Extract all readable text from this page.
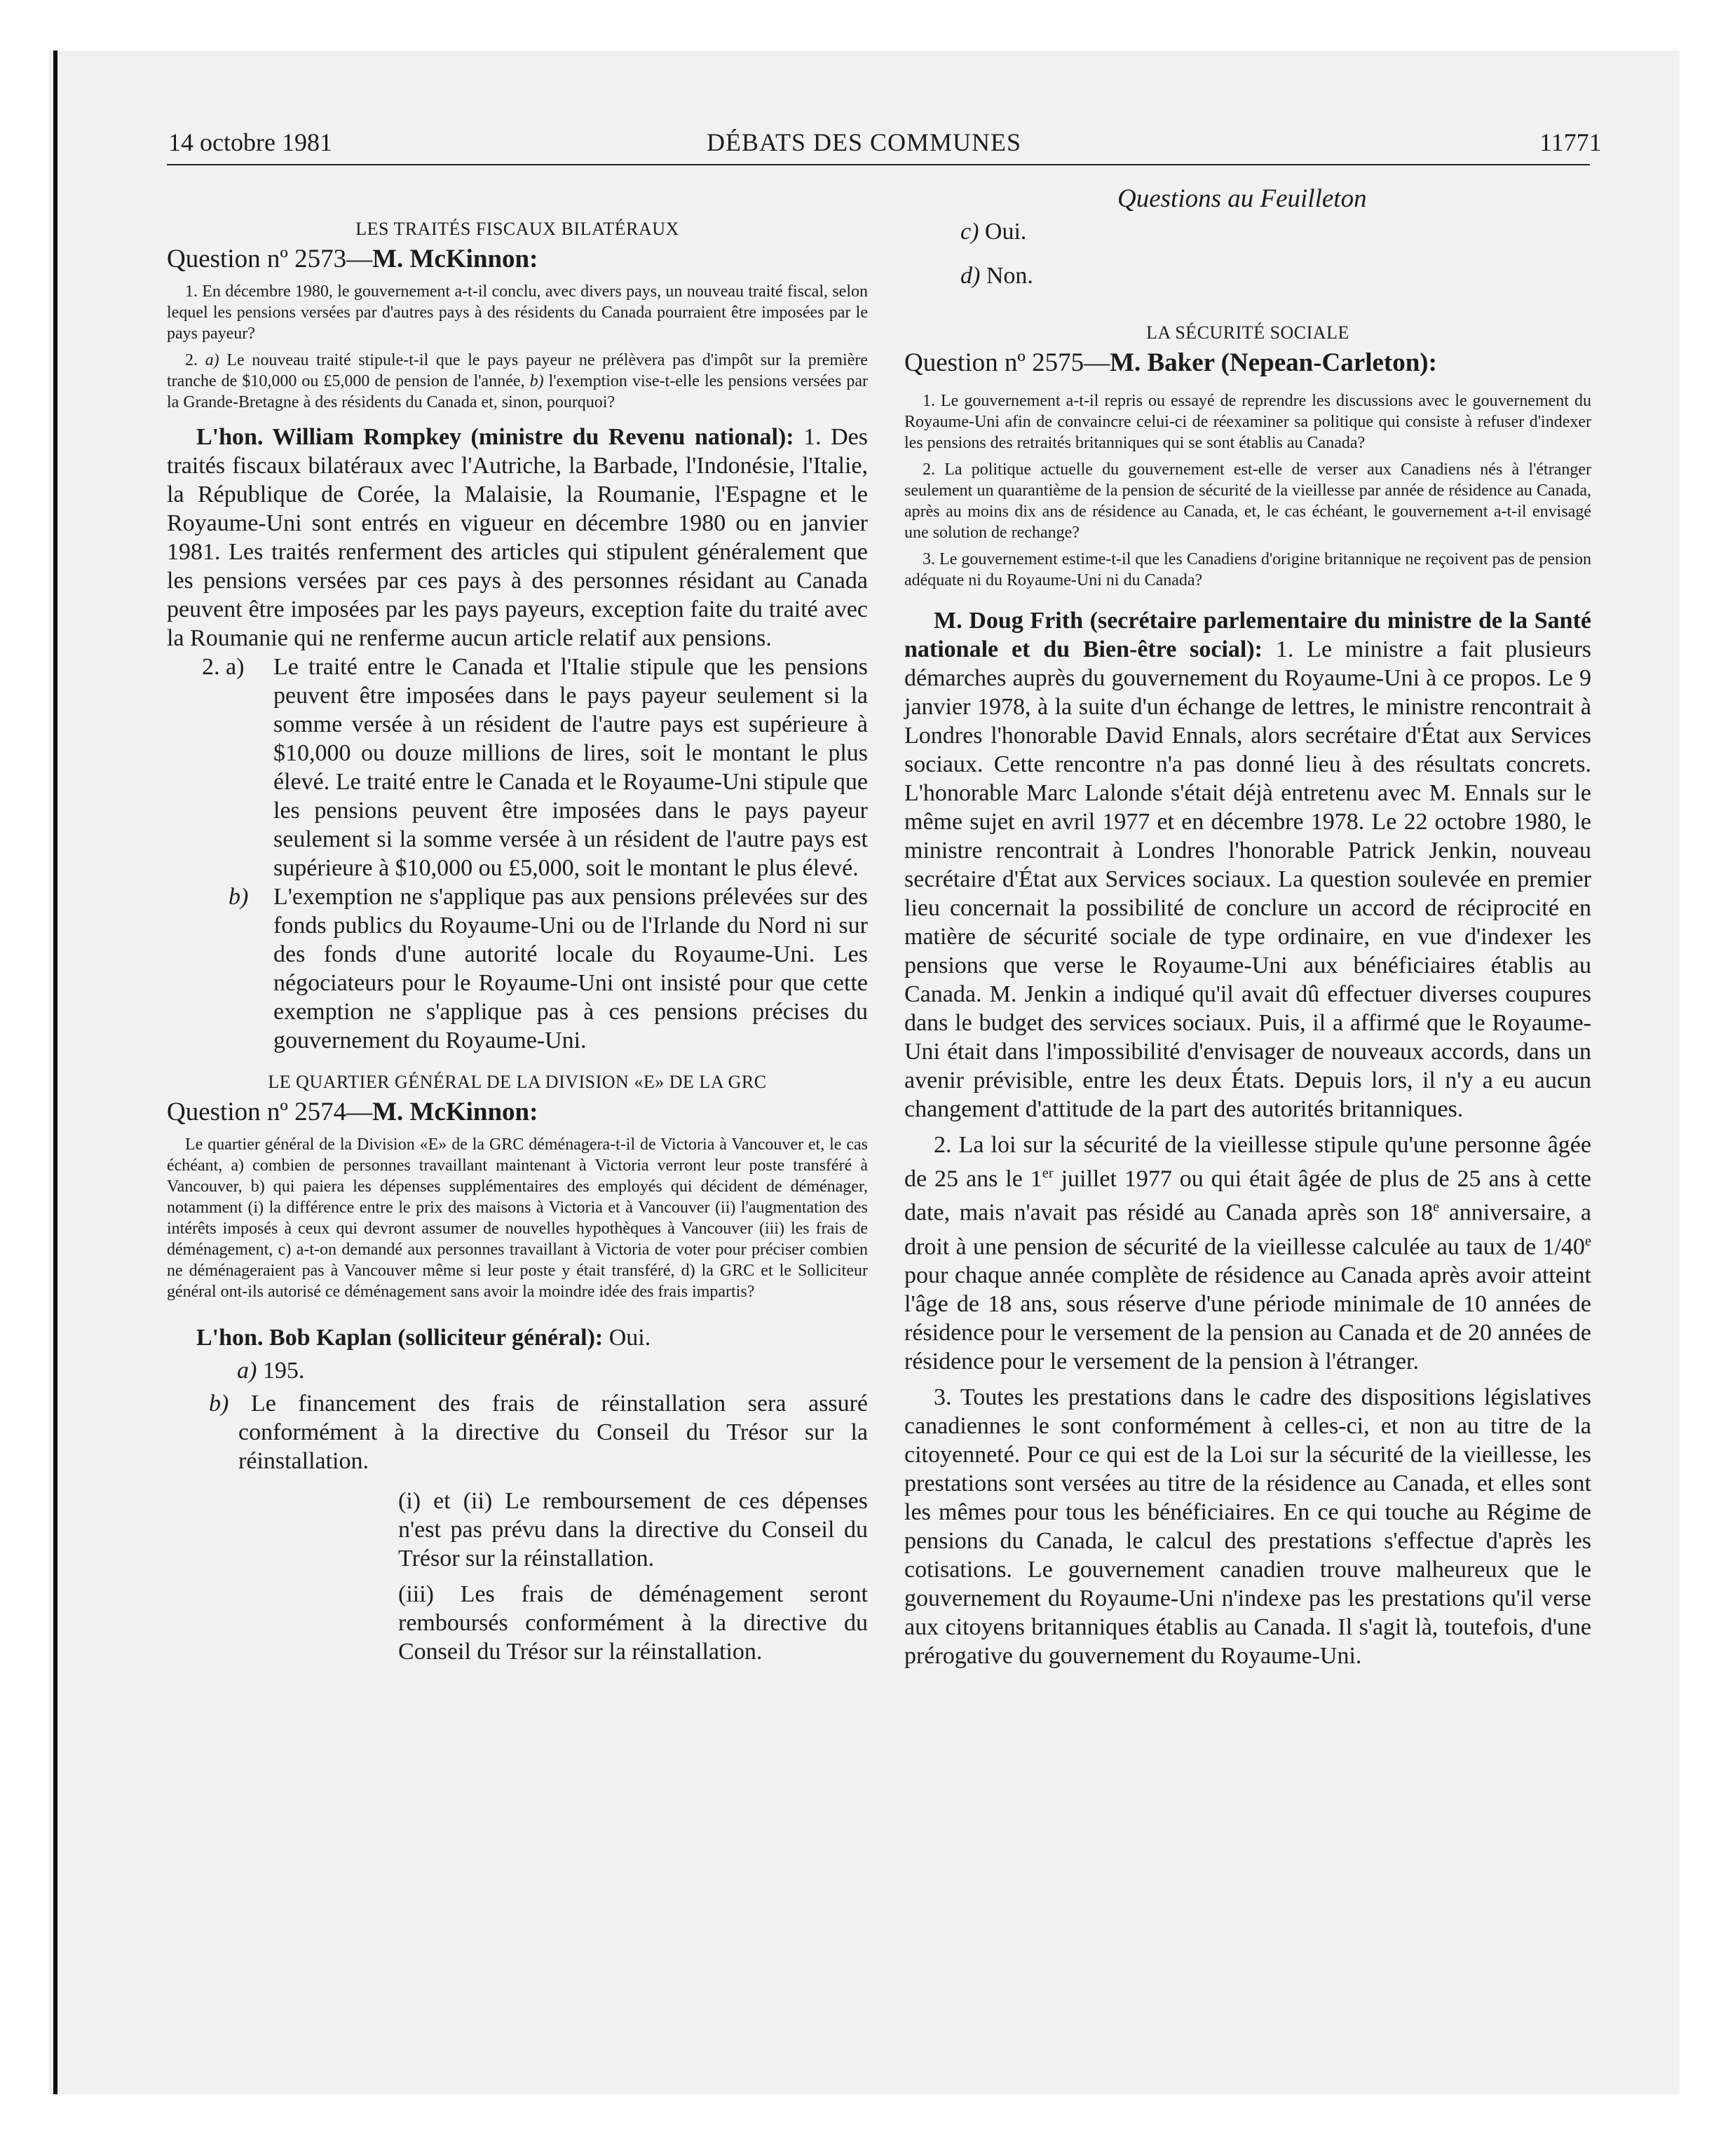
14 octobre 1981	DÉBATS DES COMMUNES	11771
Questions au Feuilleton

LES TRAITÉS FISCAUX BILATÉRAUX

Question nº 2573—M. McKinnon:

1. En décembre 1980, le gouvernement a-t-il conclu, avec divers pays, un nouveau traité fiscal, selon lequel les pensions versées par d'autres pays à des résidents du Canada pourraient être imposées par le pays payeur?

2. a) Le nouveau traité stipule-t-il que le pays payeur ne prélèvera pas d'impôt sur la première tranche de $10,000 ou £5,000 de pension de l'année, b) l'exemption vise-t-elle les pensions versées par la Grande-Bretagne à des résidents du Canada et, sinon, pourquoi?

L'hon. William Rompkey (ministre du Revenu national): 1. Des traités fiscaux bilatéraux avec l'Autriche, la Barbade, l'Indonésie, l'Italie, la République de Corée, la Malaisie, la Roumanie, l'Espagne et le Royaume-Uni sont entrés en vigueur en décembre 1980 ou en janvier 1981. Les traités renferment des articles qui stipulent généralement que les pensions versées par ces pays à des personnes résidant au Canada peuvent être imposées par les pays payeurs, exception faite du traité avec la Roumanie qui ne renferme aucun article relatif aux pensions.

2. a) Le traité entre le Canada et l'Italie stipule que les pensions peuvent être imposées dans le pays payeur seulement si la somme versée à un résident de l'autre pays est supérieure à $10,000 ou douze millions de lires, soit le montant le plus élevé. Le traité entre le Canada et le Royaume-Uni stipule que les pensions peuvent être imposées dans le pays payeur seulement si la somme versée à un résident de l'autre pays est supérieure à $10,000 ou £5,000, soit le montant le plus élevé.
b) L'exemption ne s'applique pas aux pensions prélevées sur des fonds publics du Royaume-Uni ou de l'Irlande du Nord ni sur des fonds d'une autorité locale du Royaume-Uni. Les négociateurs pour le Royaume-Uni ont insisté pour que cette exemption ne s'applique pas à ces pensions précises du gouvernement du Royaume-Uni.

LE QUARTIER GÉNÉRAL DE LA DIVISION «E» DE LA GRC

Question nº 2574—M. McKinnon:

Le quartier général de la Division «E» de la GRC déménagera-t-il de Victoria à Vancouver et, le cas échéant, a) combien de personnes travaillant maintenant à Victoria verront leur poste transféré à Vancouver, b) qui paiera les dépenses supplémentaires des employés qui décident de déménager, notamment (i) la différence entre le prix des maisons à Victoria et à Vancouver (ii) l'augmentation des intérêts imposés à ceux qui devront assumer de nouvelles hypothèques à Vancouver (iii) les frais de déménagement, c) a-t-on demandé aux personnes travaillant à Victoria de voter pour préciser combien ne déménageraient pas à Vancouver même si leur poste y était transféré, d) la GRC et le Solliciteur général ont-ils autorisé ce déménagement sans avoir la moindre idée des frais impartis?

L'hon. Bob Kaplan (solliciteur général): Oui.

a) 195.

b) Le financement des frais de réinstallation sera assuré conformément à la directive du Conseil du Trésor sur la réinstallation.

(i) et (ii) Le remboursement de ces dépenses n'est pas prévu dans la directive du Conseil du Trésor sur la réinstallation.

(iii) Les frais de déménagement seront remboursés conformément à la directive du Conseil du Trésor sur la réinstallation.

c) Oui.

d) Non.

LA SÉCURITÉ SOCIALE

Question nº 2575—M. Baker (Nepean-Carleton):

1. Le gouvernement a-t-il repris ou essayé de reprendre les discussions avec le gouvernement du Royaume-Uni afin de convaincre celui-ci de réexaminer sa politique qui consiste à refuser d'indexer les pensions des retraités britanniques qui se sont établis au Canada?

2. La politique actuelle du gouvernement est-elle de verser aux Canadiens nés à l'étranger seulement un quarantième de la pension de sécurité de la vieillesse par année de résidence au Canada, après au moins dix ans de résidence au Canada, et, le cas échéant, le gouvernement a-t-il envisagé une solution de rechange?

3. Le gouvernement estime-t-il que les Canadiens d'origine britannique ne reçoivent pas de pension adéquate ni du Royaume-Uni ni du Canada?

M. Doug Frith (secrétaire parlementaire du ministre de la Santé nationale et du Bien-être social): 1. Le ministre a fait plusieurs démarches auprès du gouvernement du Royaume-Uni à ce propos. Le 9 janvier 1978, à la suite d'un échange de lettres, le ministre rencontrait à Londres l'honorable David Ennals, alors secrétaire d'État aux Services sociaux. Cette rencontre n'a pas donné lieu à des résultats concrets. L'honorable Marc Lalonde s'était déjà entretenu avec M. Ennals sur le même sujet en avril 1977 et en décembre 1978. Le 22 octobre 1980, le ministre rencontrait à Londres l'honorable Patrick Jenkin, nouveau secrétaire d'État aux Services sociaux. La question soulevée en premier lieu concernait la possibilité de conclure un accord de réciprocité en matière de sécurité sociale de type ordinaire, en vue d'indexer les pensions que verse le Royaume-Uni aux bénéficiaires établis au Canada. M. Jenkin a indiqué qu'il avait dû effectuer diverses coupures dans le budget des services sociaux. Puis, il a affirmé que le Royaume-Uni était dans l'impossibilité d'envisager de nouveaux accords, dans un avenir prévisible, entre les deux États. Depuis lors, il n'y a eu aucun changement d'attitude de la part des autorités britanniques.

2. La loi sur la sécurité de la vieillesse stipule qu'une personne âgée de 25 ans le 1er juillet 1977 ou qui était âgée de plus de 25 ans à cette date, mais n'avait pas résidé au Canada après son 18e anniversaire, a droit à une pension de sécurité de la vieillesse calculée au taux de 1/40e pour chaque année complète de résidence au Canada après avoir atteint l'âge de 18 ans, sous réserve d'une période minimale de 10 années de résidence pour le versement de la pension au Canada et de 20 années de résidence pour le versement de la pension à l'étranger.

3. Toutes les prestations dans le cadre des dispositions législatives canadiennes le sont conformément à celles-ci, et non au titre de la citoyenneté. Pour ce qui est de la Loi sur la sécurité de la vieillesse, les prestations sont versées au titre de la résidence au Canada, et elles sont les mêmes pour tous les bénéficiaires. En ce qui touche au Régime de pensions du Canada, le calcul des prestations s'effectue d'après les cotisations. Le gouvernement canadien trouve malheureux que le gouvernement du Royaume-Uni n'indexe pas les prestations qu'il verse aux citoyens britanniques établis au Canada. Il s'agit là, toutefois, d'une prérogative du gouvernement du Royaume-Uni.
